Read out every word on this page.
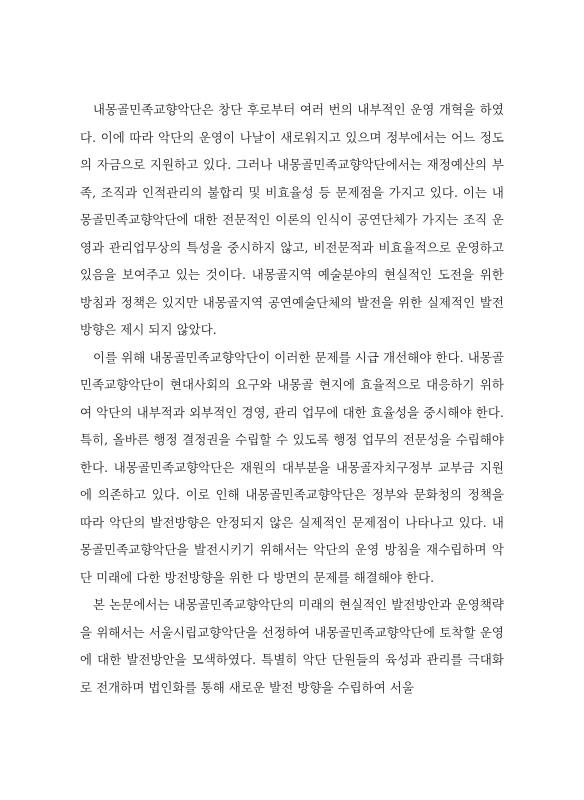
내몽골민족교향악단은 창단 후로부터 여러 번의 내부적인 운영 개혁을 하였다. 이에 따라 악단의 운영이 나날이 새로워지고 있으며 정부에서는 어느 정도의 자금으로 지원하고 있다. 그러나 내몽골민족교향악단에서는 재정예산의 부족, 조직과 인적관리의 불합리 및 비효율성 등 문제점을 가지고 있다. 이는 내몽골민족교향악단에 대한 전문적인 이론의 인식이 공연단체가 가지는 조직 운영과 관리업무상의 특성을 중시하지 않고, 비전문적과 비효율적으로 운영하고 있음을 보여주고 있는 것이다. 내몽골지역 예술분야의 현실적인 도전을 위한 방침과 정책은 있지만 내몽골지역 공연예술단체의 발전을 위한 실제적인 발전방향은 제시 되지 않았다.

이를 위해 내몽골민족교향악단이 이러한 문제를 시급 개선해야 한다. 내몽골민족교향악단이 현대사회의 요구와 내몽골 현지에 효율적으로 대응하기 위하여 악단의 내부적과 외부적인 경영, 관리 업무에 대한 효율성을 중시해야 한다. 특히, 올바른 행정 결정권을 수립할 수 있도록 행정 업무의 전문성을 수립해야 한다. 내몽골민족교향악단은 재원의 대부분을 내몽골자치구정부 교부금 지원에 의존하고 있다. 이로 인해 내몽골민족교향악단은 정부와 문화청의 정책을 따라 악단의 발전방향은 안정되지 않은 실제적인 문제점이 나타나고 있다. 내몽골민족교향악단을 발전시키기 위해서는 악단의 운영 방침을 재수립하며 악단 미래에 다한 방전방향을 위한 다 방면의 문제를 해결해야 한다.

본 논문에서는 내몽골민족교향악단의 미래의 현실적인 발전방안과 운영책략을 위해서는 서울시립교향악단을 선정하여 내몽골민족교향악단에 토착할 운영에 대한 발전방안을 모색하였다. 특별히 악단 단원들의 육성과 관리를 극대화로 전개하며 법인화를 통해 새로운 발전 방향을 수립하여 서울
